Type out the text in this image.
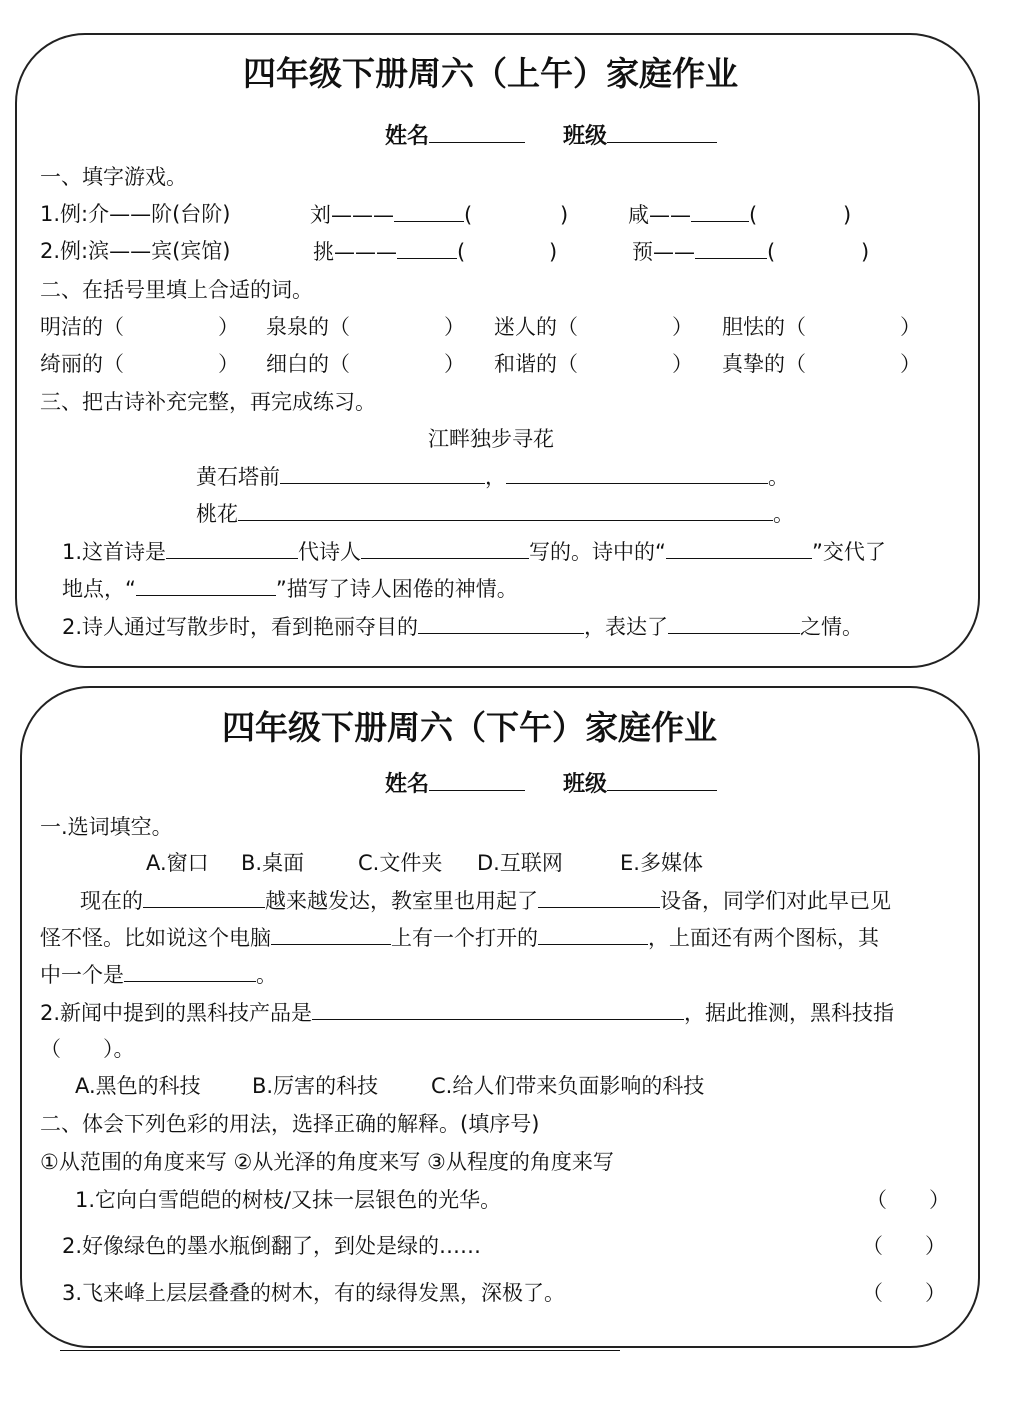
四年级下册周六（上午）家庭作业
姓名	班级
一、填字游戏。
1.例:介——阶(台阶)	刘———	(	)	咸——	(	)
2.例:滨——宾(宾馆)	挑———	(	)	预——	(	)
二、在括号里填上合适的词。
明洁的（	） 泉泉的（	） 迷人的（	） 胆怯的（	）
绮丽的（	） 细白的（	） 和谐的（	） 真挚的（	）
三、把古诗补充完整，再完成练习。
江畔独步寻花
黄石塔前	，	。
桃花	。
1.这首诗是	代诗人	写的。诗中的“	”交代了
地点，“	”描写了诗人困倦的神情。
2.诗人通过写散步时，看到艳丽夺目的	，表达了	之情。
四年级下册周六（下午）家庭作业
姓名	班级
一.选词填空。
A.窗口 B.桌面	C.文件夹 D.互联网	E.多媒体
现在的	越来越发达，教室里也用起了	设备，同学们对此早已见
怪不怪。比如说这个电脑	上有一个打开的	，上面还有两个图标，其
中一个是	。
2.新闻中提到的黑科技产品是	，据此推测，黑科技指
（　　）。
A.黑色的科技 B.厉害的科技	C.给人们带来负面影响的科技
二、体会下列色彩的用法，选择正确的解释。(填序号)
①从范围的角度来写 ②从光泽的角度来写 ③从程度的角度来写
1.它向白雪皑皑的树枝/又抹一层银色的光华。	（　　）
2.好像绿色的墨水瓶倒翻了，到处是绿的……	（　　）
3.飞来峰上层层叠叠的树木，有的绿得发黑，深极了。	（　　）
